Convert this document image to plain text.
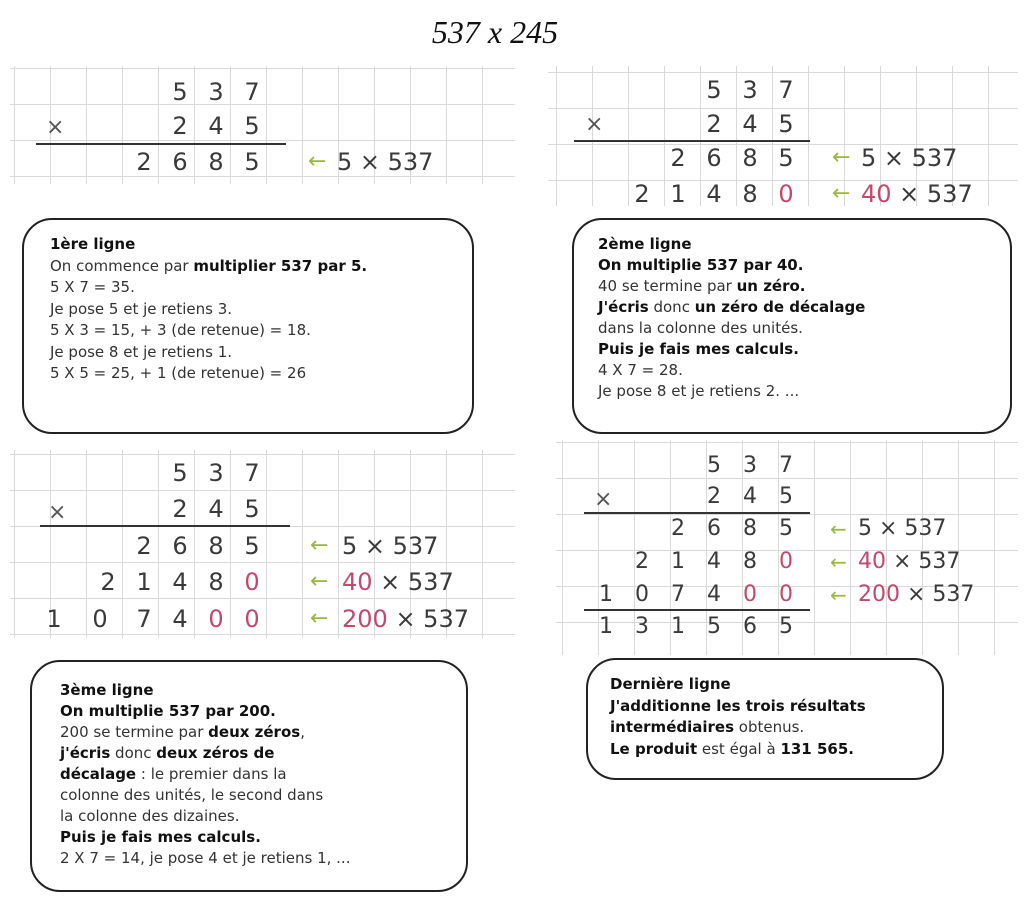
537 x 245
5 3 7
×	2 4 5
2 6 8 5 ← 5 × 537
5 3 7
×	2 4 5
2 6 8 5 ← 5 × 537
2 1 4 8 0 ← 40 × 537
1ère ligne
On commence par multiplier 537 par 5.
5 X 7 = 35.
Je pose 5 et je retiens 3.
5 X 3 = 15, + 3 (de retenue) = 18.
Je pose 8 et je retiens 1.
5 X 5 = 25, + 1 (de retenue) = 26
2ème ligne
On multiplie 537 par 40.
40 se termine par un zéro.
J'écris donc un zéro de décalage
dans la colonne des unités.
Puis je fais mes calculs.
4 X 7 = 28.
Je pose 8 et je retiens 2. ...
5 3 7
×	2 4 5
2 6 8 5 ← 5 × 537
2 1 4 8 0 ← 40 × 537
1 0 7 4 0 0 ← 200 × 537
5 3 7
×	2 4 5
2 6 8 5 ← 5 × 537
2 1 4 8 0 ← 40 × 537
1 0 7 4 0 0 ← 200 × 537
1 3 1 5 6 5
3ème ligne
On multiplie 537 par 200.
200 se termine par deux zéros,
j'écris donc deux zéros de
décalage : le premier dans la
colonne des unités, le second dans
la colonne des dizaines.
Puis je fais mes calculs.
2 X 7 = 14, je pose 4 et je retiens 1, ...
Dernière ligne
J'additionne les trois résultats
intermédiaires obtenus.
Le produit est égal à 131 565.
